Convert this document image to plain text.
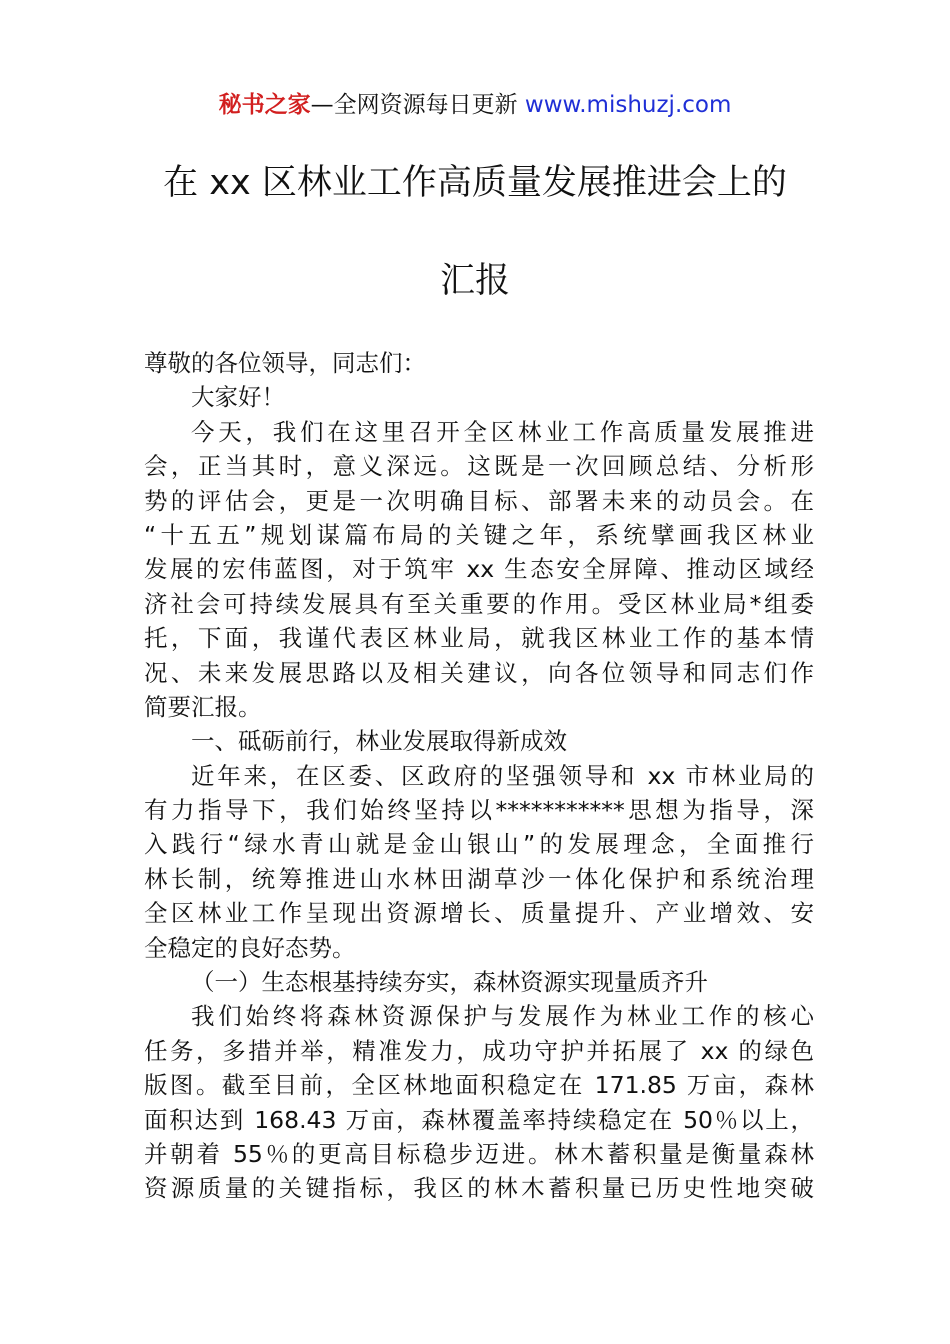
秘书之家—全网资源每日更新 www.mishuzj.com
在 xx 区林业工作高质量发展推进会上的
汇报
尊敬的各位领导，同志们：
大家好！
今天，我们在这里召开全区林业工作高质量发展推进
会，正当其时，意义深远。这既是一次回顾总结、分析形
势的评估会，更是一次明确目标、部署未来的动员会。在
“十五五”规划谋篇布局的关键之年，系统擘画我区林业
发展的宏伟蓝图，对于筑牢 xx 生态安全屏障、推动区域经
济社会可持续发展具有至关重要的作用。受区林业局*组委
托，下面，我谨代表区林业局，就我区林业工作的基本情
况、未来发展思路以及相关建议，向各位领导和同志们作
简要汇报。
一、砥砺前行，林业发展取得新成效
近年来，在区委、区政府的坚强领导和 xx 市林业局的
有力指导下，我们始终坚持以***********思想为指导，深
入践行“绿水青山就是金山银山”的发展理念，全面推行
林长制，统筹推进山水林田湖草沙一体化保护和系统治理
全区林业工作呈现出资源增长、质量提升、产业增效、安
全稳定的良好态势。
（一）生态根基持续夯实，森林资源实现量质齐升
我们始终将森林资源保护与发展作为林业工作的核心
任务，多措并举，精准发力，成功守护并拓展了 xx 的绿色
版图。截至目前，全区林地面积稳定在 171.85 万亩，森林
面积达到 168.43 万亩，森林覆盖率持续稳定在 50％以上，
并朝着 55％的更高目标稳步迈进。林木蓄积量是衡量森林
资源质量的关键指标，我区的林木蓄积量已历史性地突破
